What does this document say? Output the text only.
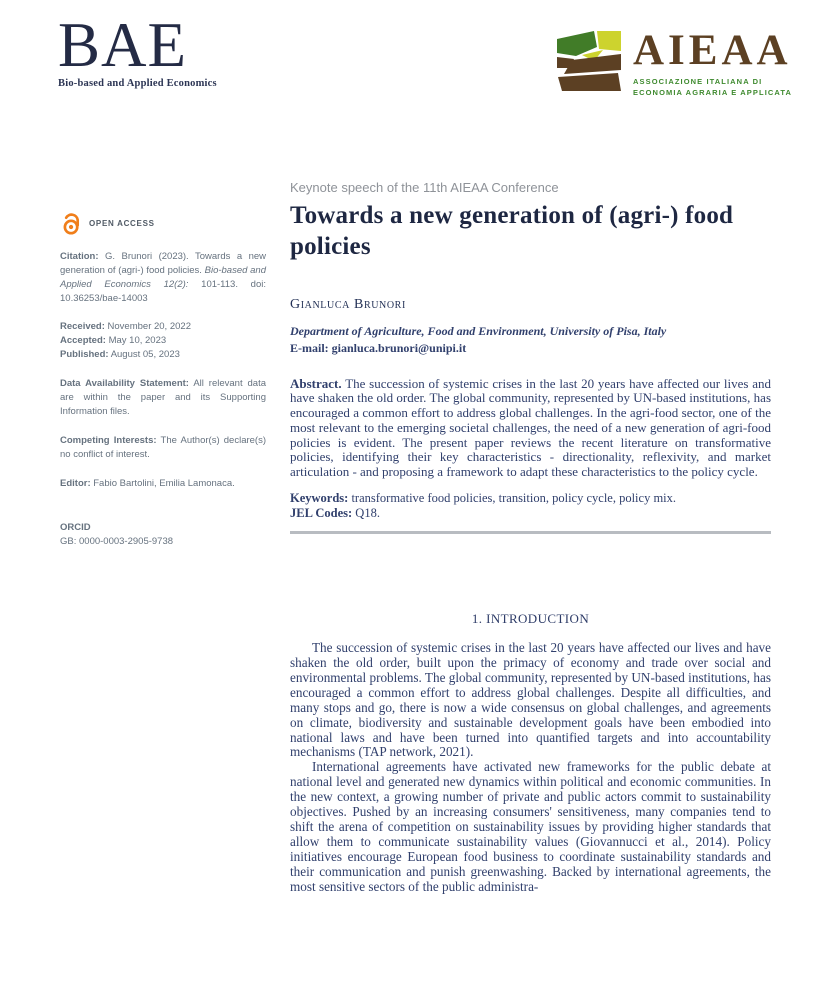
BAE
Bio-based and Applied Economics
AIEAA
ASSOCIAZIONE ITALIANA DI
ECONOMIA AGRARIA E APPLICATA
OPEN ACCESS
Citation: G. Brunori (2023). Towards a new generation of (agri-) food policies. Bio-based and Applied Economics 12(2): 101-113. doi: 10.36253/bae-14003
Received: November 20, 2022
Accepted: May 10, 2023
Published: August 05, 2023
Data Availability Statement: All relevant data are within the paper and its Supporting Information files.
Competing Interests: The Author(s) declare(s) no conflict of interest.
Editor: Fabio Bartolini, Emilia Lamonaca.
ORCID
GB: 0000-0003-2905-9738
Keynote speech of the 11th AIEAA Conference
Towards a new generation of (agri-) food policies
Gianluca Brunori
Department of Agriculture, Food and Environment, University of Pisa, Italy
E-mail: gianluca.brunori@unipi.it
Abstract. The succession of systemic crises in the last 20 years have affected our lives and have shaken the old order. The global community, represented by UN-based institutions, has encouraged a common effort to address global challenges. In the agri-food sector, one of the most relevant to the emerging societal challenges, the need of a new generation of agri-food policies is evident. The present paper reviews the recent literature on transformative policies, identifying their key characteristics - directionality, reflexivity, and market articulation - and proposing a framework to adapt these characteristics to the policy cycle.
Keywords: transformative food policies, transition, policy cycle, policy mix.
JEL Codes: Q18.
1. INTRODUCTION

The succession of systemic crises in the last 20 years have affected our lives and have shaken the old order, built upon the primacy of economy and trade over social and environmental problems. The global community, represented by UN-based institutions, has encouraged a common effort to address global challenges. Despite all difficulties, and many stops and go, there is now a wide consensus on global challenges, and agreements on climate, biodiversity and sustainable development goals have been embodied into national laws and have been turned into quantified targets and into accountability mechanisms (TAP network, 2021).

International agreements have activated new frameworks for the public debate at national level and generated new dynamics within political and economic communities. In the new context, a growing number of private and public actors commit to sustainability objectives. Pushed by an increasing consumers' sensitiveness, many companies tend to shift the arena of competition on sustainability issues by providing higher standards that allow them to communicate sustainability values (Giovannucci et al., 2014). Policy initiatives encourage European food business to coordinate sustainability standards and their communication and punish greenwashing. Backed by international agreements, the most sensitive sectors of the public administra-
